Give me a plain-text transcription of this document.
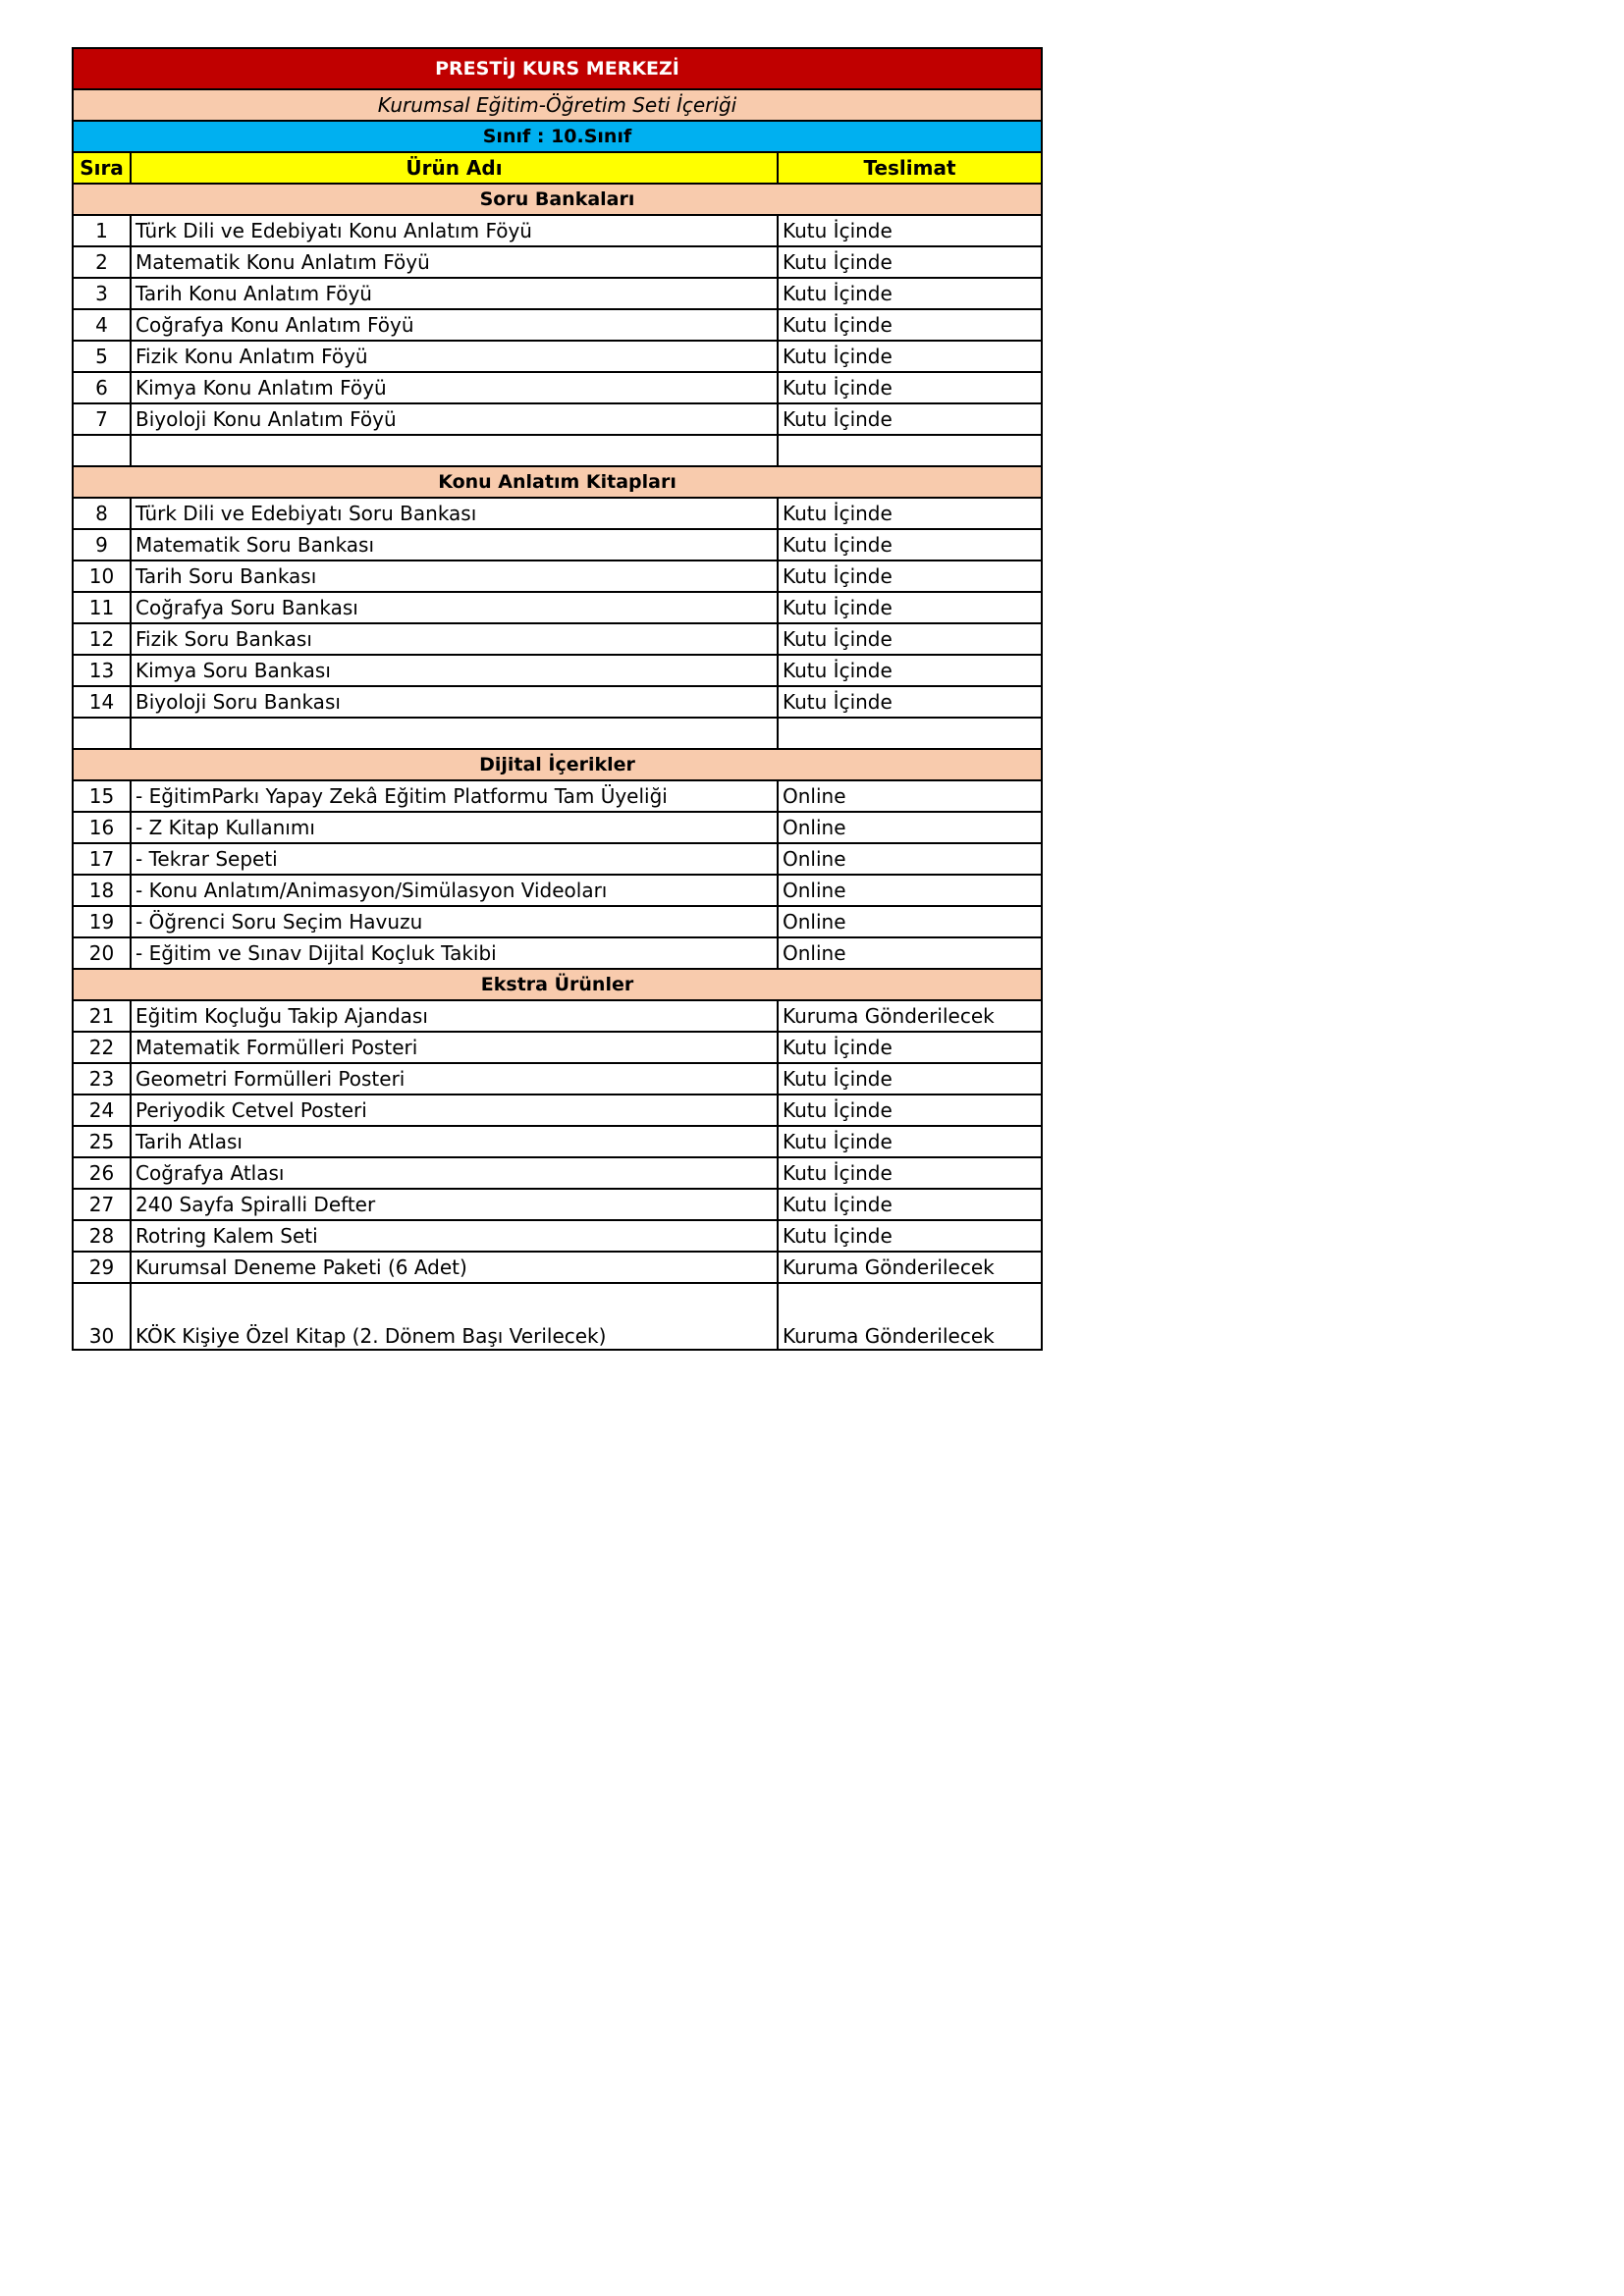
PRESTİJ KURS MERKEZİ		
Kurumsal Eğitim-Öğretim Seti İçeriği		
Sınıf : 10.Sınıf		
Sıra	Ürün Adı	Teslimat
Soru Bankaları		
1	Türk Dili ve Edebiyatı Konu Anlatım Föyü	Kutu İçinde
2	Matematik Konu Anlatım Föyü	Kutu İçinde
3	Tarih Konu Anlatım Föyü	Kutu İçinde
4	Coğrafya Konu Anlatım Föyü	Kutu İçinde
5	Fizik Konu Anlatım Föyü	Kutu İçinde
6	Kimya Konu Anlatım Föyü	Kutu İçinde
7	Biyoloji Konu Anlatım Föyü	Kutu İçinde

Konu Anlatım Kitapları		
8	Türk Dili ve Edebiyatı Soru Bankası	Kutu İçinde
9	Matematik Soru Bankası	Kutu İçinde
10	Tarih Soru Bankası	Kutu İçinde
11	Coğrafya Soru Bankası	Kutu İçinde
12	Fizik Soru Bankası	Kutu İçinde
13	Kimya Soru Bankası	Kutu İçinde
14	Biyoloji Soru Bankası	Kutu İçinde

Dijital İçerikler		
15	- EğitimParkı Yapay Zekâ Eğitim Platformu Tam Üyeliği	Online
16	- Z Kitap Kullanımı	Online
17	- Tekrar Sepeti	Online
18	- Konu Anlatım/Animasyon/Simülasyon Videoları	Online
19	- Öğrenci Soru Seçim Havuzu	Online
20	- Eğitim ve Sınav Dijital Koçluk Takibi	Online
Ekstra Ürünler		
21	Eğitim Koçluğu Takip Ajandası	Kuruma Gönderilecek
22	Matematik Formülleri Posteri	Kutu İçinde
23	Geometri Formülleri Posteri	Kutu İçinde
24	Periyodik Cetvel Posteri	Kutu İçinde
25	Tarih Atlası	Kutu İçinde
26	Coğrafya Atlası	Kutu İçinde
27	240 Sayfa Spiralli Defter	Kutu İçinde
28	Rotring Kalem Seti	Kutu İçinde
29	Kurumsal Deneme Paketi (6 Adet)	Kuruma Gönderilecek
30	KÖK Kişiye Özel Kitap (2. Dönem Başı Verilecek)	Kuruma Gönderilecek
